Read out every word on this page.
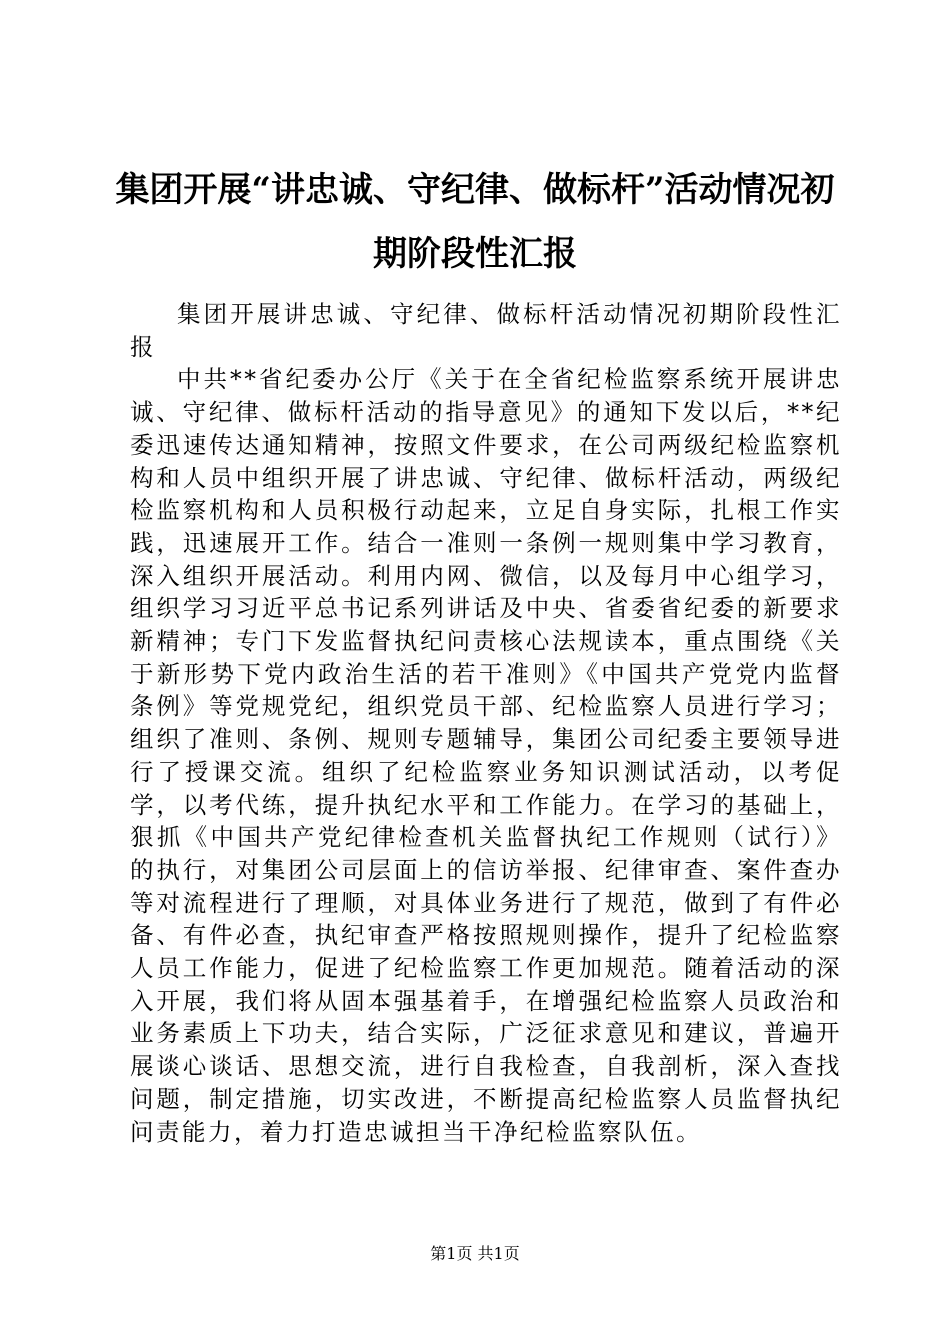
集团开展“讲忠诚、守纪律、做标杆”活动情况初期阶段性汇报

集团开展讲忠诚、守纪律、做标杆活动情况初期阶段性汇报

中共**省纪委办公厅《关于在全省纪检监察系统开展讲忠诚、守纪律、做标杆活动的指导意见》的通知下发以后，**纪委迅速传达通知精神，按照文件要求，在公司两级纪检监察机构和人员中组织开展了讲忠诚、守纪律、做标杆活动，两级纪检监察机构和人员积极行动起来，立足自身实际，扎根工作实践，迅速展开工作。结合一准则一条例一规则集中学习教育，深入组织开展活动。利用内网、微信，以及每月中心组学习，组织学习习近平总书记系列讲话及中央、省委省纪委的新要求新精神；专门下发监督执纪问责核心法规读本，重点围绕《关于新形势下党内政治生活的若干准则》《中国共产党党内监督条例》等党规党纪，组织党员干部、纪检监察人员进行学习；组织了准则、条例、规则专题辅导，集团公司纪委主要领导进行了授课交流。组织了纪检监察业务知识测试活动，以考促学，以考代练，提升执纪水平和工作能力。在学习的基础上，狠抓《中国共产党纪律检查机关监督执纪工作规则（试行）》的执行，对集团公司层面上的信访举报、纪律审查、案件查办等对流程进行了理顺，对具体业务进行了规范，做到了有件必备、有件必查，执纪审查严格按照规则操作，提升了纪检监察人员工作能力，促进了纪检监察工作更加规范。随着活动的深入开展，我们将从固本强基着手，在增强纪检监察人员政治和业务素质上下功夫，结合实际，广泛征求意见和建议，普遍开展谈心谈话、思想交流，进行自我检查，自我剖析，深入查找问题，制定措施，切实改进，不断提高纪检监察人员监督执纪问责能力，着力打造忠诚担当干净纪检监察队伍。

第1页 共1页
